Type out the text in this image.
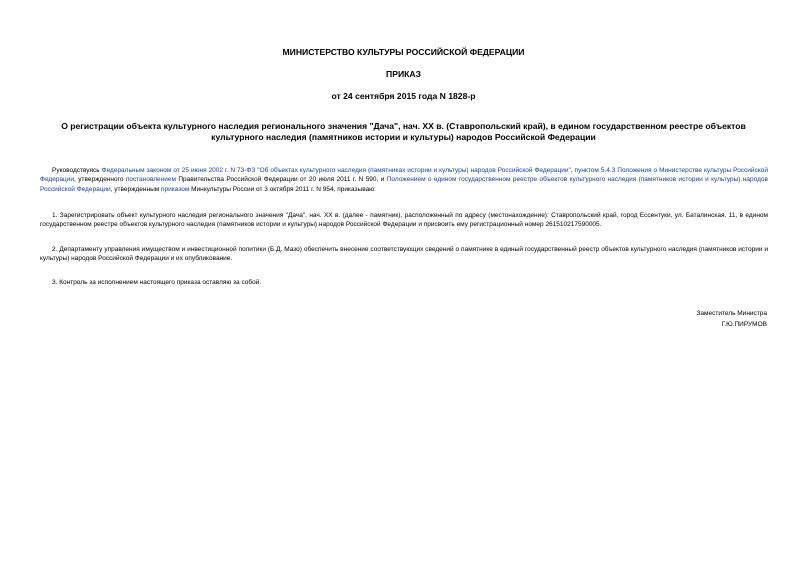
МИНИСТЕРСТВО КУЛЬТУРЫ РОССИЙСКОЙ ФЕДЕРАЦИИ
ПРИКАЗ
от 24 сентября 2015 года N 1828-р
О регистрации объекта культурного наследия регионального значения "Дача", нач. XX в. (Ставропольский край), в едином государственном реестре объектов
культурного наследия (памятников истории и культуры) народов Российской Федерации
Руководствуясь Федеральным законом от 25 июня 2002 г. N 73-ФЗ "Об объектах культурного наследия (памятниках истории и культуры) народов Российской Федерации", пунктом 5.4.3 Положения о Министерстве культуры Российской Федерации, утвержденного постановлением Правительства Российской Федерации от 20 июля 2011 г. N 590, и Положением о едином государственном реестре объектов культурного наследия (памятников истории и культуры) народов Российской Федерации, утвержденным приказом Минкультуры России от 3 октября 2011 г. N 954, приказываю:
1. Зарегистрировать объект культурного наследия регионального значения "Дача", нач. XX в. (далее - памятник), расположенный по адресу (местонахождение): Ставропольский край, город Ессентуки, ул. Баталинская, 11, в едином государственном реестре объектов культурного наследия (памятников истории и культуры) народов Российской Федерации и присвоить ему регистрационный номер 261510217590005.
2. Департаменту управления имуществом и инвестиционной политики (Б.Д. Мазо) обеспечить внесение соответствующих сведений о памятнике в единый государственный реестр объектов культурного наследия (памятников истории и культуры) народов Российской Федерации и их опубликование.
3. Контроль за исполнением настоящего приказа оставляю за собой.
Заместитель Министра
Г.Ю.ПИРУМОВ
